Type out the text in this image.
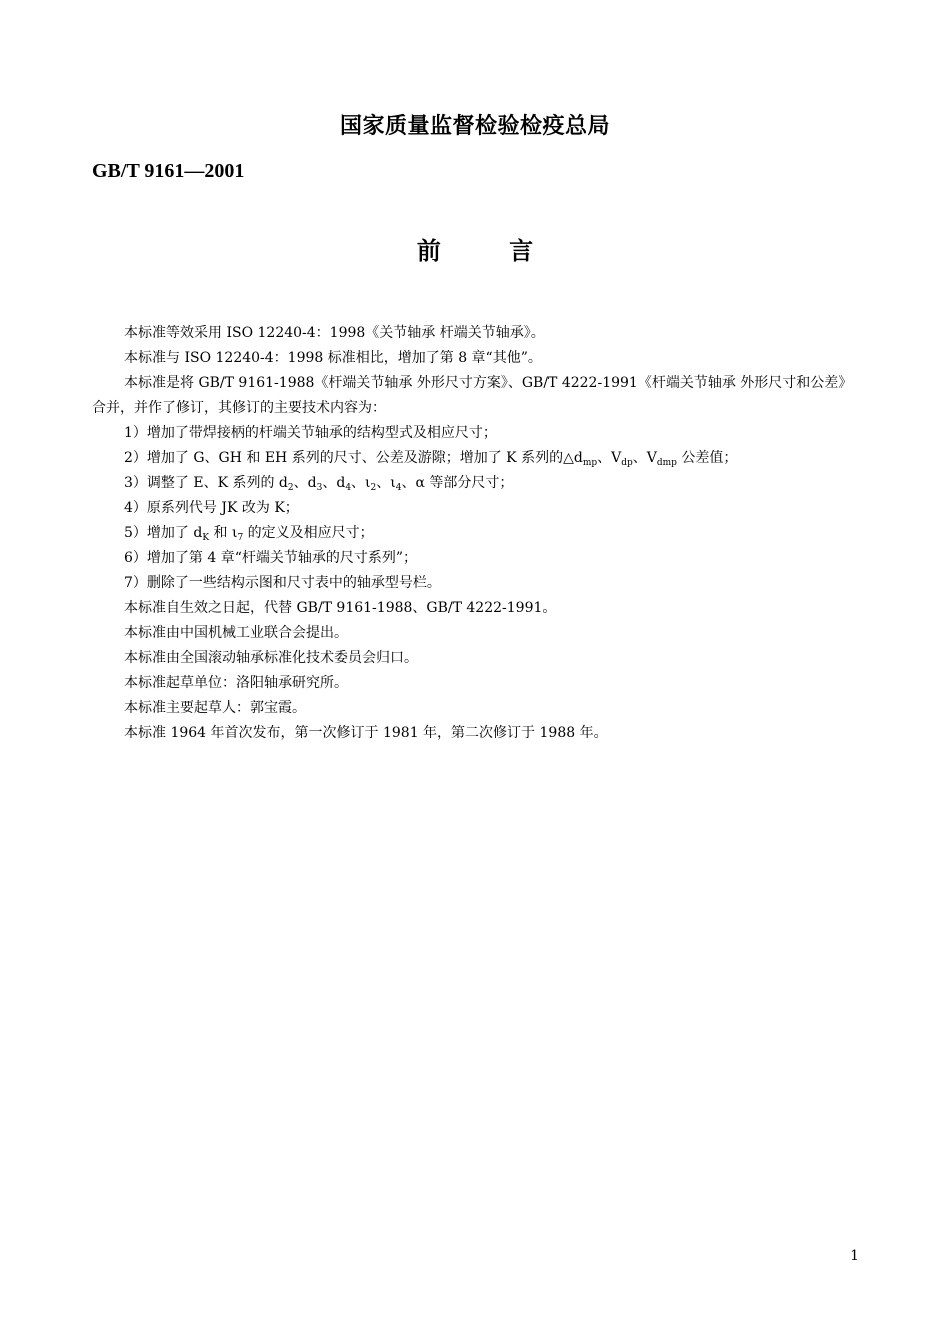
国家质量监督检验检疫总局
GB/T 9161—2001
前 言

本标准等效采用 ISO 12240-4：1998《关节轴承 杆端关节轴承》。

本标准与 ISO 12240-4：1998 标准相比，增加了第 8 章“其他”。

本标准是将 GB/T 9161-1988《杆端关节轴承 外形尺寸方案》、GB/T 4222-1991《杆端关节轴承 外形尺寸和公差》合并，并作了修订，其修订的主要技术内容为：

1）增加了带焊接柄的杆端关节轴承的结构型式及相应尺寸；

2）增加了 G、GH 和 EH 系列的尺寸、公差及游隙；增加了 K 系列的$\triangle d_{mp}$、$V_{dp}$、$V_{dmp}$ 公差值；

3）调整了 E、K 系列的 $d_2$、$d_3$、$d_4$、$\iota_2$、$\iota_4$、α 等部分尺寸；

4）原系列代号 JK 改为 K；

5）增加了 $d_K$ 和 $\iota_7$ 的定义及相应尺寸；

6）增加了第 4 章“杆端关节轴承的尺寸系列”；

7）删除了一些结构示图和尺寸表中的轴承型号栏。

本标准自生效之日起，代替 GB/T 9161-1988、GB/T 4222-1991。

本标准由中国机械工业联合会提出。

本标准由全国滚动轴承标准化技术委员会归口。

本标准起草单位：洛阳轴承研究所。

本标准主要起草人：郭宝霞。

本标准 1964 年首次发布，第一次修订于 1981 年，第二次修订于 1988 年。

1
